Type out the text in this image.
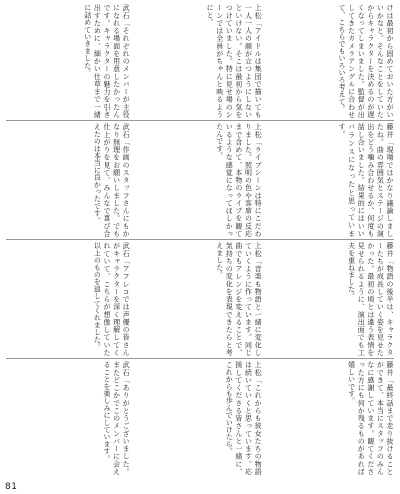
けは最初から固めておいた方がいいかなと。そんなことをしていたからキャラクターを決めるのが遅くなってしまいました。監督が出してきたカメラアングルに合わせて、こちらでもいろいろ考えて。

上松「アイドルは集団で描いても一人一人の顔が立つようにしないといけない。そこは最初から気をつけていました。特に見せ場のシーンでは全員がちゃんと映るようにと。

武石「それぞれのメンバーが主役になれる場面を用意したかったんです。キャラクターの魅力を引き出すために、細かい仕草まで一緒に詰めていきました。

藤井「現場ではかなり議論しましたね。曲の雰囲気とステージの演出をどう噛み合わせるか、何度も話し合いました。結果的にはいいバランスになったと思っています。

上松「ライブシーンは特にこだわりました。照明の色や客席の反応まで含めて、本物のライブを観ているような感覚になってほしかったんです。

武石「作画のスタッフさんにもかなり無理をお願いしました。でも仕上がりを見て、みんなで喜び合えたのは本当に良かったです。

藤井「物語の後半は、キャラクターたちが成長していく姿を見せたかった。最初の頃とは違う表情を見せられるように、演出面でも工夫を重ねました。

上松「音楽も物語と一緒に変化していくように作っています。同じ曲でもアレンジを変えることで、気持ちの変化を表現できたらと考えました。

武石「アフレコでは声優の皆さんがキャラクターを深く理解してくれていて、こちらが想像していた以上のものを返してくれました。

藤井「最終話まで走り抜けることができて、本当にスタッフのみんなに感謝しています。観てくださった方にも何か残るものがあれば嬉しいです。

上松「これからも彼女たちの物語は続いていくと思っています。応援してくださる皆さんと一緒に、これからも歩んでいけたら。

武石「ありがとうございました。またどこかでこのメンバーに会えることを楽しみにしています。

81
